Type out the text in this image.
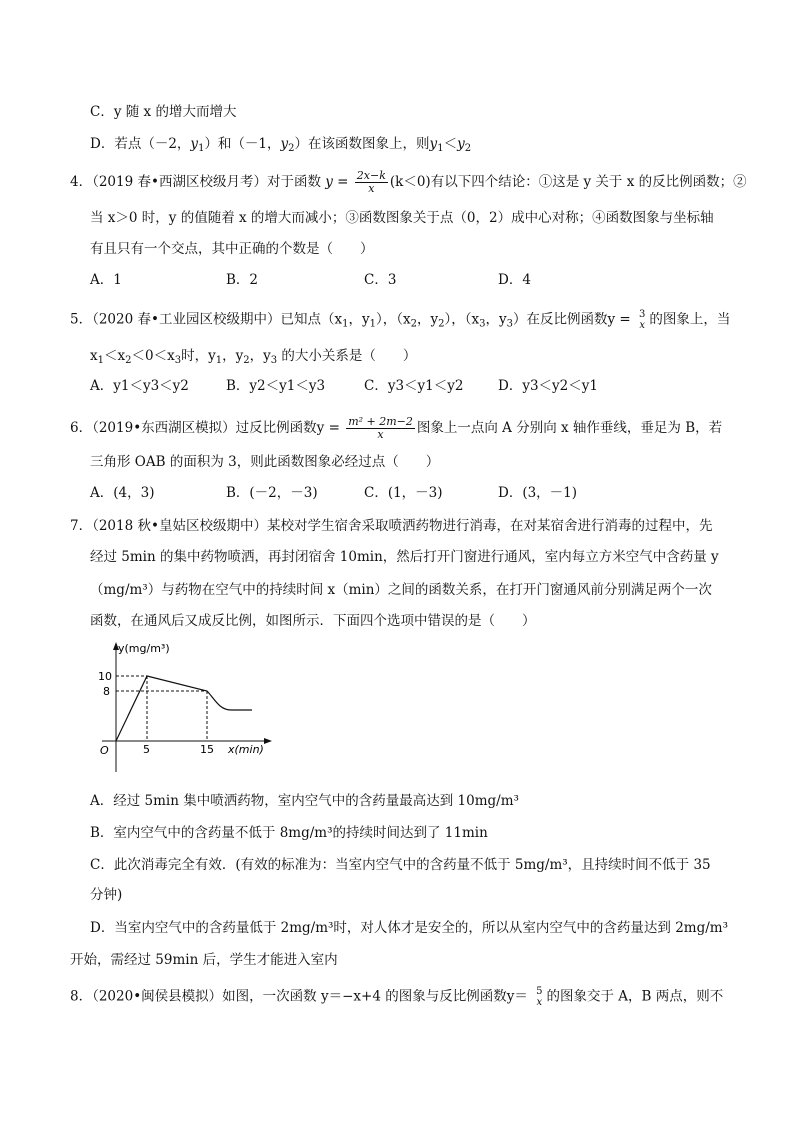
C．y 随 x 的增大而增大
D．若点（－2，$y_1$）和（－1，$y_2$）在该函数图象上，则$y_1<y_2$
4．（2019 春•西湖区校级月考）对于函数 $y = \frac{2x-k}{x} (k<0)$有以下四个结论：①这是 y 关于 x 的反比例函数；②
当 x＞0 时，y 的值随着 x 的增大而减小；③函数图象关于点（0，2）成中心对称；④函数图象与坐标轴
有且只有一个交点，其中正确的个数是（　　）
A．1	B．2	C．3	D．4
5．（2020 春•工业园区校级期中）已知点（$x_1$，$y_1$），（$x_2$，$y_2$），（$x_3$，$y_3$）在反比例函数y = 3
x 的图象上，当
$x_1<x_2<0<x_3$时，$y_1$，$y_2$，$y_3$ 的大小关系是（　　）
A．y1＜y3＜y2	B．y2＜y1＜y3	C．y3＜y1＜y2	D．y3＜y2＜y1
6．（2019•东西湖区模拟）过反比例函数$y = \frac{\text{m² + 2m−2}}{x}$ 图象上一点向 A 分别向 x 轴作垂线，垂足为 B，若
三角形 OAB 的面积为 3，则此函数图象必经过点（　　）
A．(4，3)	B．(－2，－3)	C．(1，－3)	D．(3，－1)
7．（2018 秋•皇姑区校级期中）某校对学生宿舍采取喷洒药物进行消毒，在对某宿舍进行消毒的过程中，先
经过 5min 的集中药物喷洒，再封闭宿舍 10min，然后打开门窗进行通风，室内每立方米空气中含药量 y
（mg/m³）与药物在空气中的持续时间 x（min）之间的函数关系，在打开门窗通风前分别满足两个一次
函数，在通风后又成反比例，如图所示．下面四个选项中错误的是（　　）
y(mg/m³)
x(min)
O
10
8
5	15
A．经过 5min 集中喷洒药物，室内空气中的含药量最高达到 10mg/m³
B．室内空气中的含药量不低于 8mg/m³的持续时间达到了 11min
C．此次消毒完全有效．(有效的标准为：当室内空气中的含药量不低于 5mg/m³，且持续时间不低于 35
分钟)
D．当室内空气中的含药量低于 2mg/m³时，对人体才是安全的，所以从室内空气中的含药量达到 2mg/m³
开始，需经过 59min 后，学生才能进入室内
8．（2020•闽侯县模拟）如图，一次函数 y＝−x+4 的图象与反比例函数y＝ 5
x 的图象交于 A，B 两点，则不
